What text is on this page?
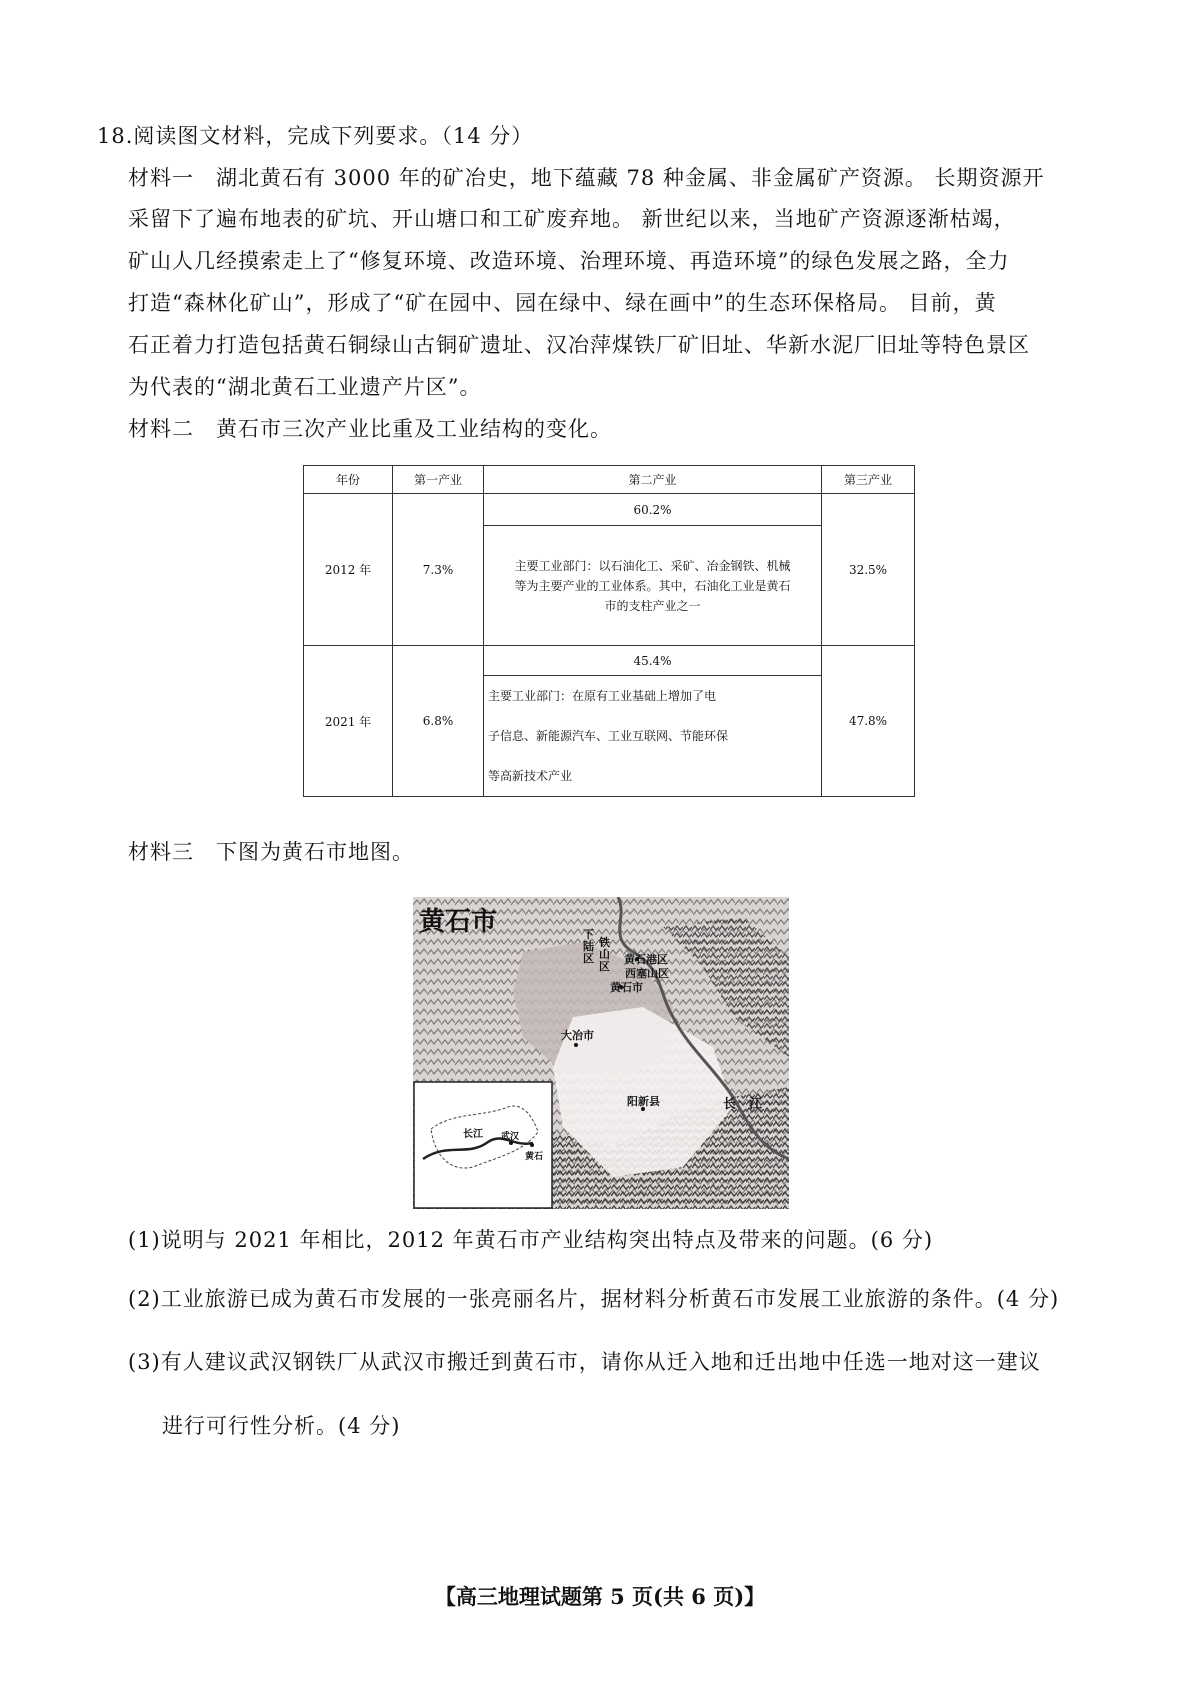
18.阅读图文材料，完成下列要求。（14 分）
材料一　湖北黄石有 3000 年的矿冶史，地下蕴藏 78 种金属、非金属矿产资源。 长期资源开
采留下了遍布地表的矿坑、开山塘口和工矿废弃地。 新世纪以来，当地矿产资源逐渐枯竭，
矿山人几经摸索走上了“修复环境、改造环境、治理环境、再造环境”的绿色发展之路，全力
打造“森林化矿山”，形成了“矿在园中、园在绿中、绿在画中”的生态环保格局。 目前，黄
石正着力打造包括黄石铜绿山古铜矿遗址、汉冶萍煤铁厂矿旧址、华新水泥厂旧址等特色景区
为代表的“湖北黄石工业遗产片区”。
材料二　黄石市三次产业比重及工业结构的变化。
年份	第一产业	第二产业	第三产业
2012 年	7.3%	60.2%	32.5%

		主要工业部门：以石油化工、采矿、冶金钢铁、机械
等为主要产业的工业体系。其中，石油化工业是黄石
市的支柱产业之一	

2021 年	6.8%	45.4%	47.8%

		主要工业部门：在原有工业基础上增加了电
子信息、新能源汽车、工业互联网、节能环保
等高新技术产业	
材料三　下图为黄石市地图。
黄石市	下陆区
铁山区
黄石港区
西塞山区
黄石市
大冶市
阳新县	长　江
长江 武汉
黄石
(1)说明与 2021 年相比，2012 年黄石市产业结构突出特点及带来的问题。(6 分)
(2)工业旅游已成为黄石市发展的一张亮丽名片，据材料分析黄石市发展工业旅游的条件。(4 分)
(3)有人建议武汉钢铁厂从武汉市搬迁到黄石市，请你从迁入地和迁出地中任选一地对这一建议
进行可行性分析。(4 分)
【高三地理试题第 5 页(共 6 页)】
